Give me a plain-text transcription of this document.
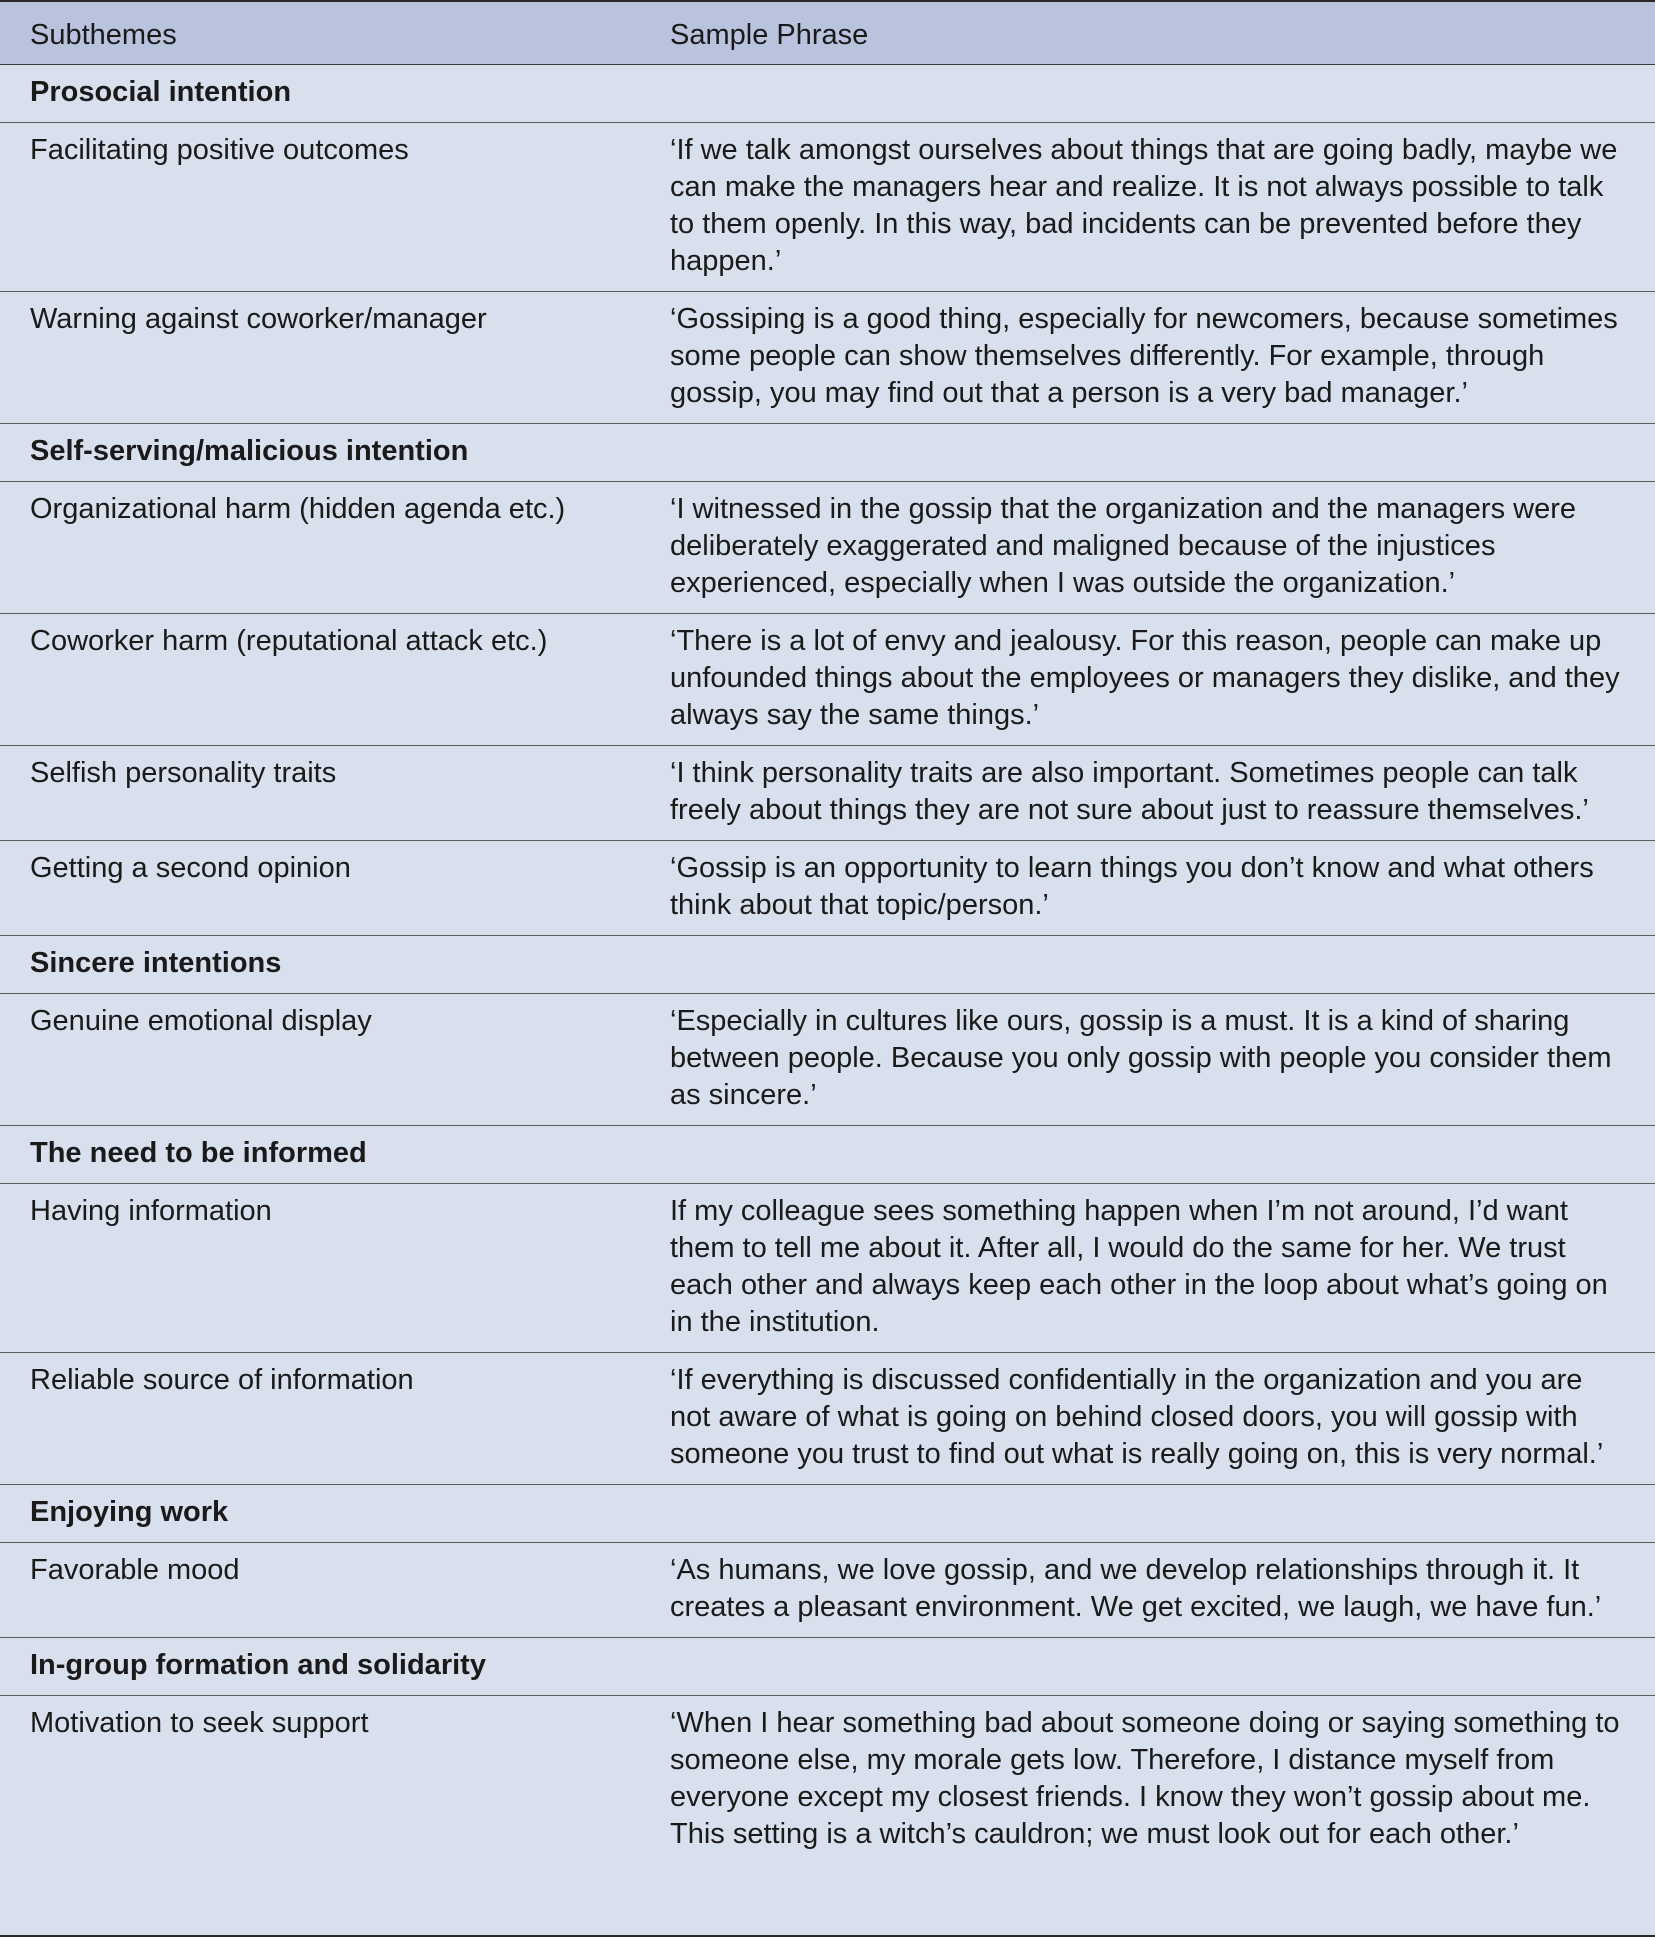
Subthemes	Sample Phrase
Prosocial intention	
Facilitating positive outcomes	‘If we talk amongst ourselves about things that are going badly, maybe we can make the managers hear and realize. It is not always possible to talk to them openly. In this way, bad incidents can be prevented before they happen.’
Warning against coworker/manager	‘Gossiping is a good thing, especially for newcomers, because sometimes some people can show themselves differently. For example, through gossip, you may find out that a person is a very bad manager.’
Self-serving/malicious intention	
Organizational harm (hidden agenda etc.)	‘I witnessed in the gossip that the organization and the managers were deliberately exaggerated and maligned because of the injustices experienced, especially when I was outside the organization.’
Coworker harm (reputational attack etc.)	‘There is a lot of envy and jealousy. For this reason, people can make up unfounded things about the employees or managers they dislike, and they always say the same things.’
Selfish personality traits	‘I think personality traits are also important. Sometimes people can talk freely about things they are not sure about just to reassure themselves.’
Getting a second opinion	‘Gossip is an opportunity to learn things you don’t know and what others think about that topic/person.’
Sincere intentions	
Genuine emotional display	‘Especially in cultures like ours, gossip is a must. It is a kind of sharing between people. Because you only gossip with people you consider them as sincere.’
The need to be informed	
Having information	If my colleague sees something happen when I’m not around, I’d want them to tell me about it. After all, I would do the same for her. We trust each other and always keep each other in the loop about what’s going on in the institution.
Reliable source of information	‘If everything is discussed confidentially in the organization and you are not aware of what is going on behind closed doors, you will gossip with someone you trust to find out what is really going on, this is very normal.’
Enjoying work	
Favorable mood	‘As humans, we love gossip, and we develop relationships through it. It creates a pleasant environment. We get excited, we laugh, we have fun.’
In-group formation and solidarity	
Motivation to seek support	‘When I hear something bad about someone doing or saying something to someone else, my morale gets low. Therefore, I distance myself from everyone except my closest friends. I know they won’t gossip about me. This setting is a witch’s cauldron; we must look out for each other.’
